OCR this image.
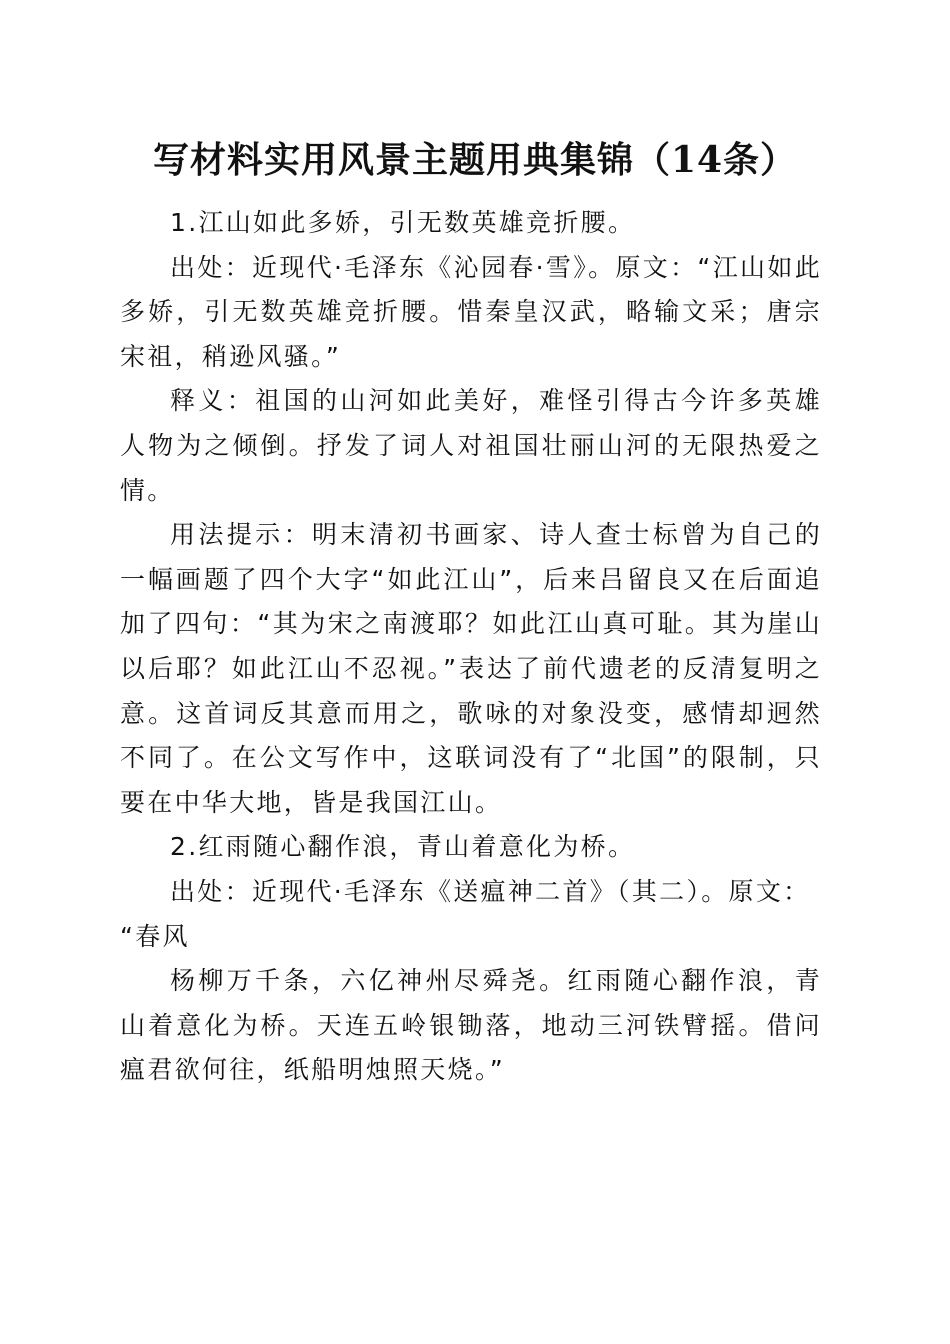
写材料实用风景主题用典集锦（14条）

1.江山如此多娇，引无数英雄竞折腰。

出处：近现代·毛泽东《沁园春·雪》。原文：“江山如此多娇，引无数英雄竞折腰。惜秦皇汉武，略输文采；唐宗宋祖，稍逊风骚。”

释义：祖国的山河如此美好，难怪引得古今许多英雄人物为之倾倒。抒发了词人对祖国壮丽山河的无限热爱之情。

用法提示：明末清初书画家、诗人查士标曾为自己的一幅画题了四个大字“如此江山”，后来吕留良又在后面追加了四句：“其为宋之南渡耶？如此江山真可耻。其为崖山以后耶？如此江山不忍视。”表达了前代遗老的反清复明之意。这首词反其意而用之，歌咏的对象没变，感情却迥然不同了。在公文写作中，这联词没有了“北国”的限制，只要在中华大地，皆是我国江山。

2.红雨随心翻作浪，青山着意化为桥。

出处：近现代·毛泽东《送瘟神二首》（其二）。原文：

“春风

杨柳万千条，六亿神州尽舜尧。红雨随心翻作浪，青山着意化为桥。天连五岭银锄落，地动三河铁臂摇。借问瘟君欲何往，纸船明烛照天烧。”
